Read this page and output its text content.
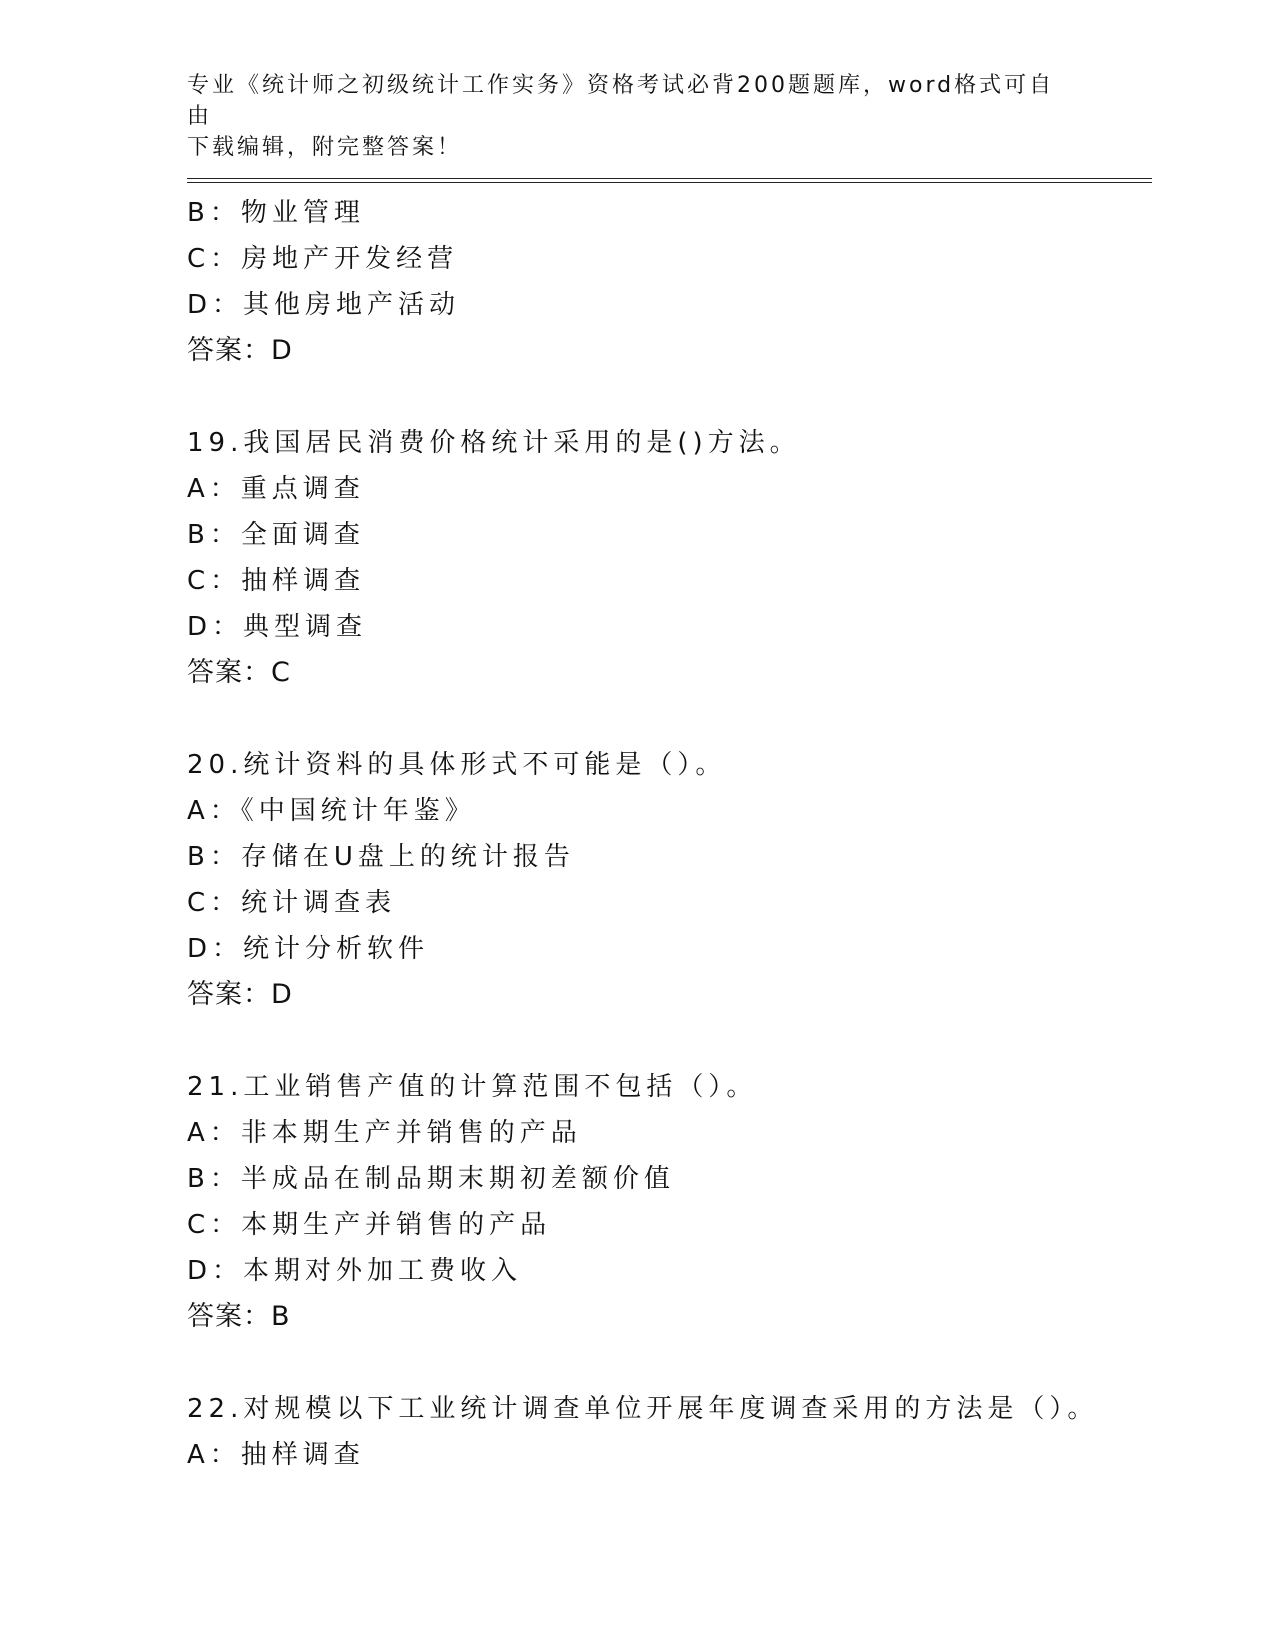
专业《统计师之初级统计工作实务》资格考试必背200题题库，word格式可自由
下载编辑，附完整答案！
B：物业管理
C：房地产开发经营
D：其他房地产活动
答案：D
19.我国居民消费价格统计采用的是()方法。
A：重点调查
B：全面调查
C：抽样调查
D：典型调查
答案：C
20.统计资料的具体形式不可能是（）。
A：《中国统计年鉴》
B：存储在U盘上的统计报告
C：统计调查表
D：统计分析软件
答案：D
21.工业销售产值的计算范围不包括（）。
A：非本期生产并销售的产品
B：半成品在制品期末期初差额价值
C：本期生产并销售的产品
D：本期对外加工费收入
答案：B
22.对规模以下工业统计调查单位开展年度调查采用的方法是（）。
A：抽样调查
